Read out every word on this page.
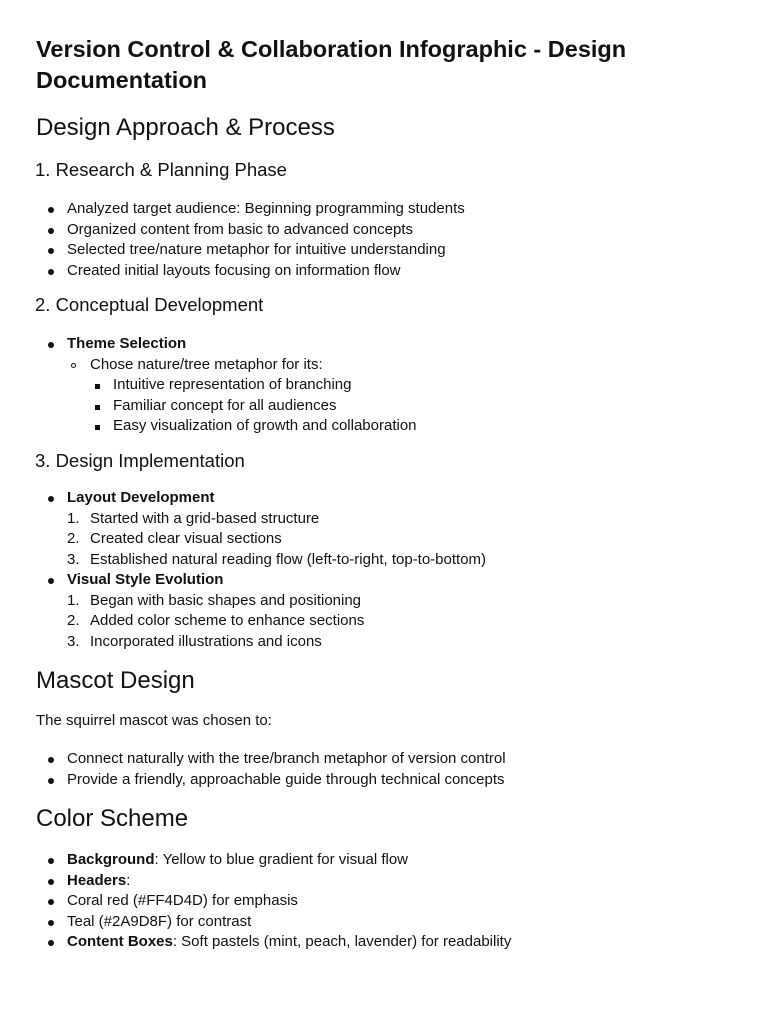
Version Control & Collaboration Infographic - Design Documentation
Design Approach & Process
1. Research & Planning Phase
Analyzed target audience: Beginning programming students
Organized content from basic to advanced concepts
Selected tree/nature metaphor for intuitive understanding
Created initial layouts focusing on information flow
2. Conceptual Development
Theme Selection
Chose nature/tree metaphor for its:
Intuitive representation of branching
Familiar concept for all audiences
Easy visualization of growth and collaboration
3. Design Implementation
Layout Development
1. Started with a grid-based structure
2. Created clear visual sections
3. Established natural reading flow (left-to-right, top-to-bottom)
Visual Style Evolution
1. Began with basic shapes and positioning
2. Added color scheme to enhance sections
3. Incorporated illustrations and icons
Mascot Design

The squirrel mascot was chosen to:

Connect naturally with the tree/branch metaphor of version control
Provide a friendly, approachable guide through technical concepts
Color Scheme
Background: Yellow to blue gradient for visual flow
Headers:
Coral red (#FF4D4D) for emphasis
Teal (#2A9D8F) for contrast
Content Boxes: Soft pastels (mint, peach, lavender) for readability
